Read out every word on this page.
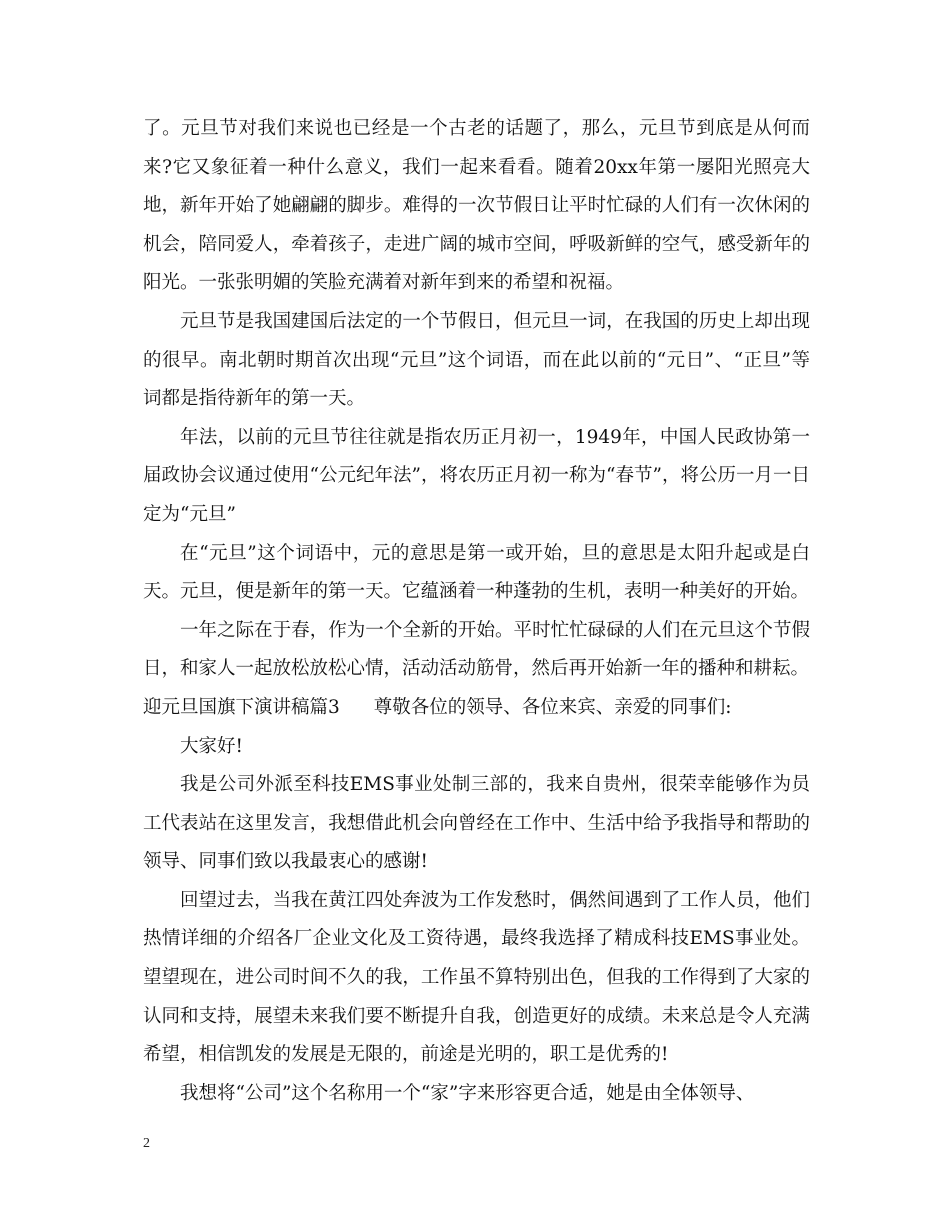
了。元旦节对我们来说也已经是一个古老的话题了，那么，元旦节到底是从何而来?它又象征着一种什么意义，我们一起来看看。随着20xx年第一屡阳光照亮大地，新年开始了她翩翩的脚步。难得的一次节假日让平时忙碌的人们有一次休闲的机会，陪同爱人，牵着孩子，走进广阔的城市空间，呼吸新鲜的空气，感受新年的阳光。一张张明媚的笑脸充满着对新年到来的希望和祝福。

元旦节是我国建国后法定的一个节假日，但元旦一词，在我国的历史上却出现的很早。南北朝时期首次出现“元旦”这个词语，而在此以前的“元日”、“正旦”等词都是指待新年的第一天。

年法，以前的元旦节往往就是指农历正月初一，1949年，中国人民政协第一届政协会议通过使用“公元纪年法”，将农历正月初一称为“春节”，将公历一月一日定为“元旦”

在“元旦”这个词语中，元的意思是第一或开始，旦的意思是太阳升起或是白天。元旦，便是新年的第一天。它蕴涵着一种蓬勃的生机，表明一种美好的开始。

一年之际在于春，作为一个全新的开始。平时忙忙碌碌的人们在元旦这个节假日，和家人一起放松放松心情，活动活动筋骨，然后再开始新一年的播种和耕耘。

迎元旦国旗下演讲稿篇3 尊敬各位的领导、各位来宾、亲爱的同事们:

大家好!

我是公司外派至科技EMS事业处制三部的，我来自贵州，很荣幸能够作为员工代表站在这里发言，我想借此机会向曾经在工作中、生活中给予我指导和帮助的领导、同事们致以我最衷心的感谢!

回望过去，当我在黄江四处奔波为工作发愁时，偶然间遇到了工作人员，他们热情详细的介绍各厂企业文化及工资待遇，最终我选择了精成科技EMS事业处。望望现在，进公司时间不久的我，工作虽不算特别出色，但我的工作得到了大家的认同和支持，展望未来我们要不断提升自我，创造更好的成绩。未来总是令人充满希望，相信凯发的发展是无限的，前途是光明的，职工是优秀的!

我想将“公司”这个名称用一个“家”字来形容更合适，她是由全体领导、

2
